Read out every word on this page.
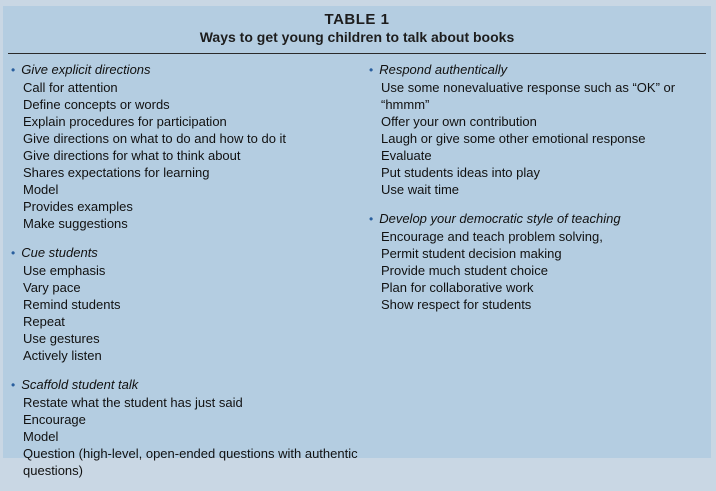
TABLE 1
Ways to get young children to talk about books
• Give explicit directions
Call for attention
Define concepts or words
Explain procedures for participation
Give directions on what to do and how to do it
Give directions for what to think about
Shares expectations for learning
Model
Provides examples
Make suggestions
• Cue students
Use emphasis
Vary pace
Remind students
Repeat
Use gestures
Actively listen
• Scaffold student talk
Restate what the student has just said
Encourage
Model
Question (high-level, open-ended questions with authentic questions)
• Respond authentically
Use some nonevaluative response such as “OK” or “hmmm”
Offer your own contribution
Laugh or give some other emotional response
Evaluate
Put students ideas into play
Use wait time
• Develop your democratic style of teaching
Encourage and teach problem solving,
Permit student decision making
Provide much student choice
Plan for collaborative work
Show respect for students
